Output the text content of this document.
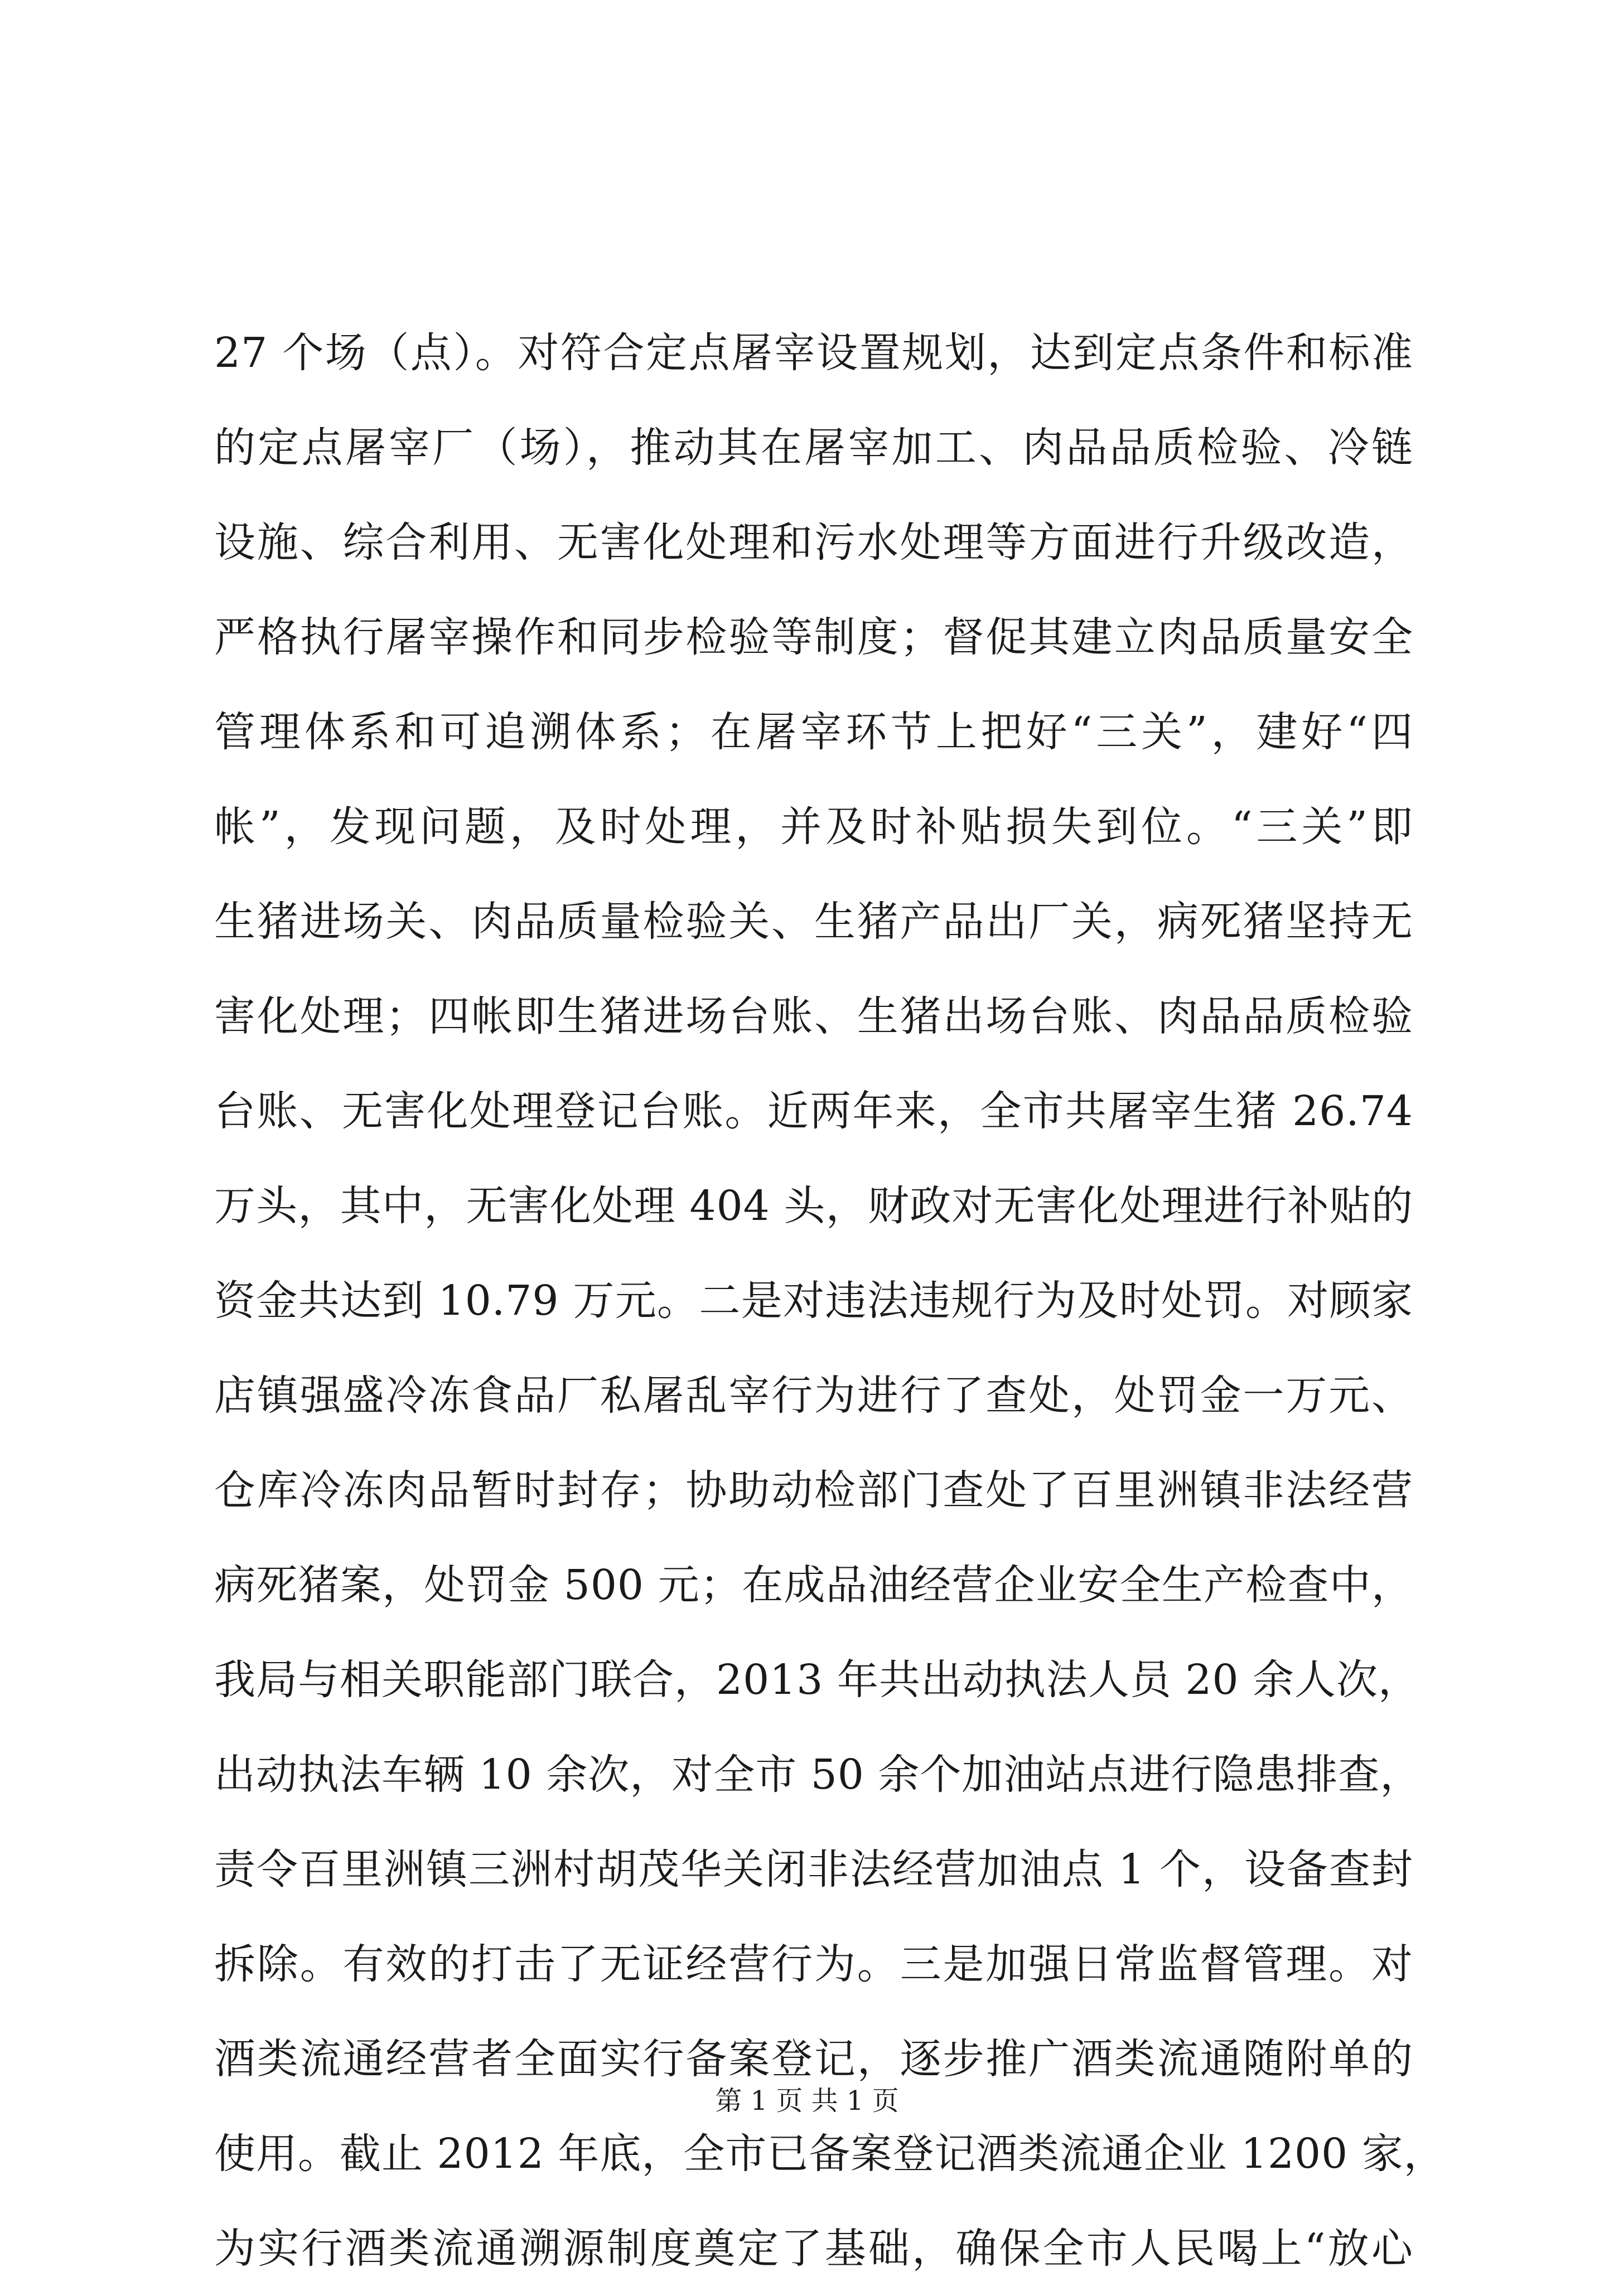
27 个场（点）。对符合定点屠宰设置规划，达到定点条件和标准
的定点屠宰厂（场），推动其在屠宰加工、肉品品质检验、冷链
设施、综合利用、无害化处理和污水处理等方面进行升级改造，
严格执行屠宰操作和同步检验等制度；督促其建立肉品质量安全
管理体系和可追溯体系；在屠宰环节上把好“三关”，建好“四
帐”，发现问题，及时处理，并及时补贴损失到位。“三关”即
生猪进场关、肉品质量检验关、生猪产品出厂关，病死猪坚持无
害化处理；四帐即生猪进场台账、生猪出场台账、肉品品质检验
台账、无害化处理登记台账。近两年来，全市共屠宰生猪 26.74
万头，其中，无害化处理 404 头，财政对无害化处理进行补贴的
资金共达到 10.79 万元。二是对违法违规行为及时处罚。对顾家
店镇强盛冷冻食品厂私屠乱宰行为进行了查处，处罚金一万元、
仓库冷冻肉品暂时封存；协助动检部门查处了百里洲镇非法经营
病死猪案，处罚金 500 元；在成品油经营企业安全生产检查中，
我局与相关职能部门联合，2013 年共出动执法人员 20 余人次，
出动执法车辆 10 余次，对全市 50 余个加油站点进行隐患排查，
责令百里洲镇三洲村胡茂华关闭非法经营加油点 1 个，设备查封
拆除。有效的打击了无证经营行为。三是加强日常监督管理。对
酒类流通经营者全面实行备案登记，逐步推广酒类流通随附单的
使用。截止 2012 年底，全市已备案登记酒类流通企业 1200 家，
为实行酒类流通溯源制度奠定了基础，确保全市人民喝上“放心
第 1 页 共 1 页
